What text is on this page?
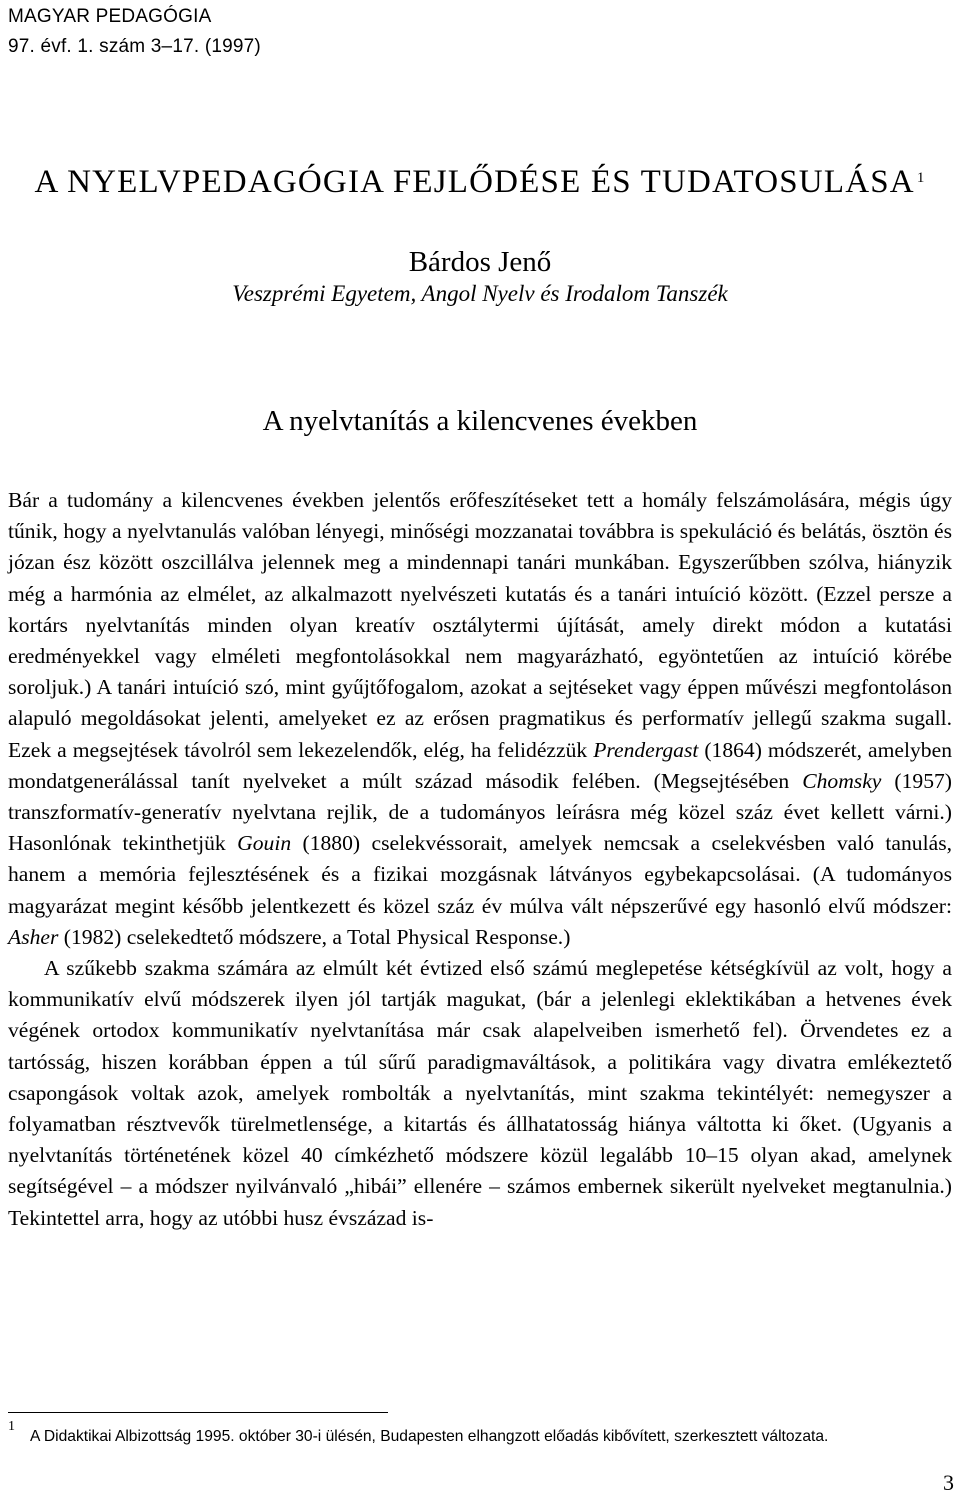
MAGYAR PEDAGÓGIA
97. évf. 1. szám 3–17. (1997)
A NYELVPEDAGÓGIA FEJLŐDÉSE ÉS TUDATOSULÁSA $^1$
Bárdos Jenő
Veszprémi Egyetem, Angol Nyelv és Irodalom Tanszék
A nyelvtanítás a kilencvenes években

Bár a tudomány a kilencvenes években jelentős erőfeszítéseket tett a homály felszámolására, mégis úgy tűnik, hogy a nyelvtanulás valóban lényegi, minőségi mozzanatai továbbra is spekuláció és belátás, ösztön és józan ész között oszcillálva jelennek meg a mindennapi tanári munkában. Egyszerűbben szólva, hiányzik még a harmónia az elmélet, az alkalmazott nyelvészeti kutatás és a tanári intuíció között. (Ezzel persze a kortárs nyelvtanítás minden olyan kreatív osztálytermi újítását, amely direkt módon a kutatási eredményekkel vagy elméleti megfontolásokkal nem magyarázható, egyöntetűen az intuíció körébe soroljuk.) A tanári intuíció szó, mint gyűjtőfogalom, azokat a sejtéseket vagy éppen művészi megfontoláson alapuló megoldásokat jelenti, amelyeket ez az erősen pragmatikus és performatív jellegű szakma sugall. Ezek a megsejtések távolról sem lekezelendők, elég, ha felidézzük Prendergast (1864) módszerét, amelyben mondatgenerálással tanít nyelveket a múlt század második felében. (Megsejtésében Chomsky (1957) transzformatív-generatív nyelvtana rejlik, de a tudományos leírásra még közel száz évet kellett várni.) Hasonlónak tekinthetjük Gouin (1880) cselekvéssorait, amelyek nemcsak a cselekvésben való tanulás, hanem a memória fejlesztésének és a fizikai mozgásnak látványos egybekapcsolásai. (A tudományos magyarázat megint később jelentkezett és közel száz év múlva vált népszerűvé egy hasonló elvű módszer: Asher (1982) cselekedtető módszere, a Total Physical Response.)

A szűkebb szakma számára az elmúlt két évtized első számú meglepetése kétségkívül az volt, hogy a kommunikatív elvű módszerek ilyen jól tartják magukat, (bár a jelenlegi eklektikában a hetvenes évek végének ortodox kommunikatív nyelvtanítása már csak alapelveiben ismerhető fel). Örvendetes ez a tartósság, hiszen korábban éppen a túl sűrű paradigmaváltások, a politikára vagy divatra emlékeztető csapongások voltak azok, amelyek rombolták a nyelvtanítás, mint szakma tekintélyét: nemegyszer a folyamatban résztvevők türelmetlensége, a kitartás és állhatatosság hiánya váltotta ki őket. (Ugyanis a nyelvtanítás történetének közel 40 címkézhető módszere közül legalább 10–15 olyan akad, amelynek segítségével – a módszer nyilvánvaló „hibái” ellenére – számos embernek sikerült nyelveket megtanulnia.) Tekintettel arra, hogy az utóbbi husz évszázad is-

1
A Didaktikai Albizottság 1995. október 30-i ülésén, Budapesten elhangzott előadás kibővített, szerkesztett változata.
3
